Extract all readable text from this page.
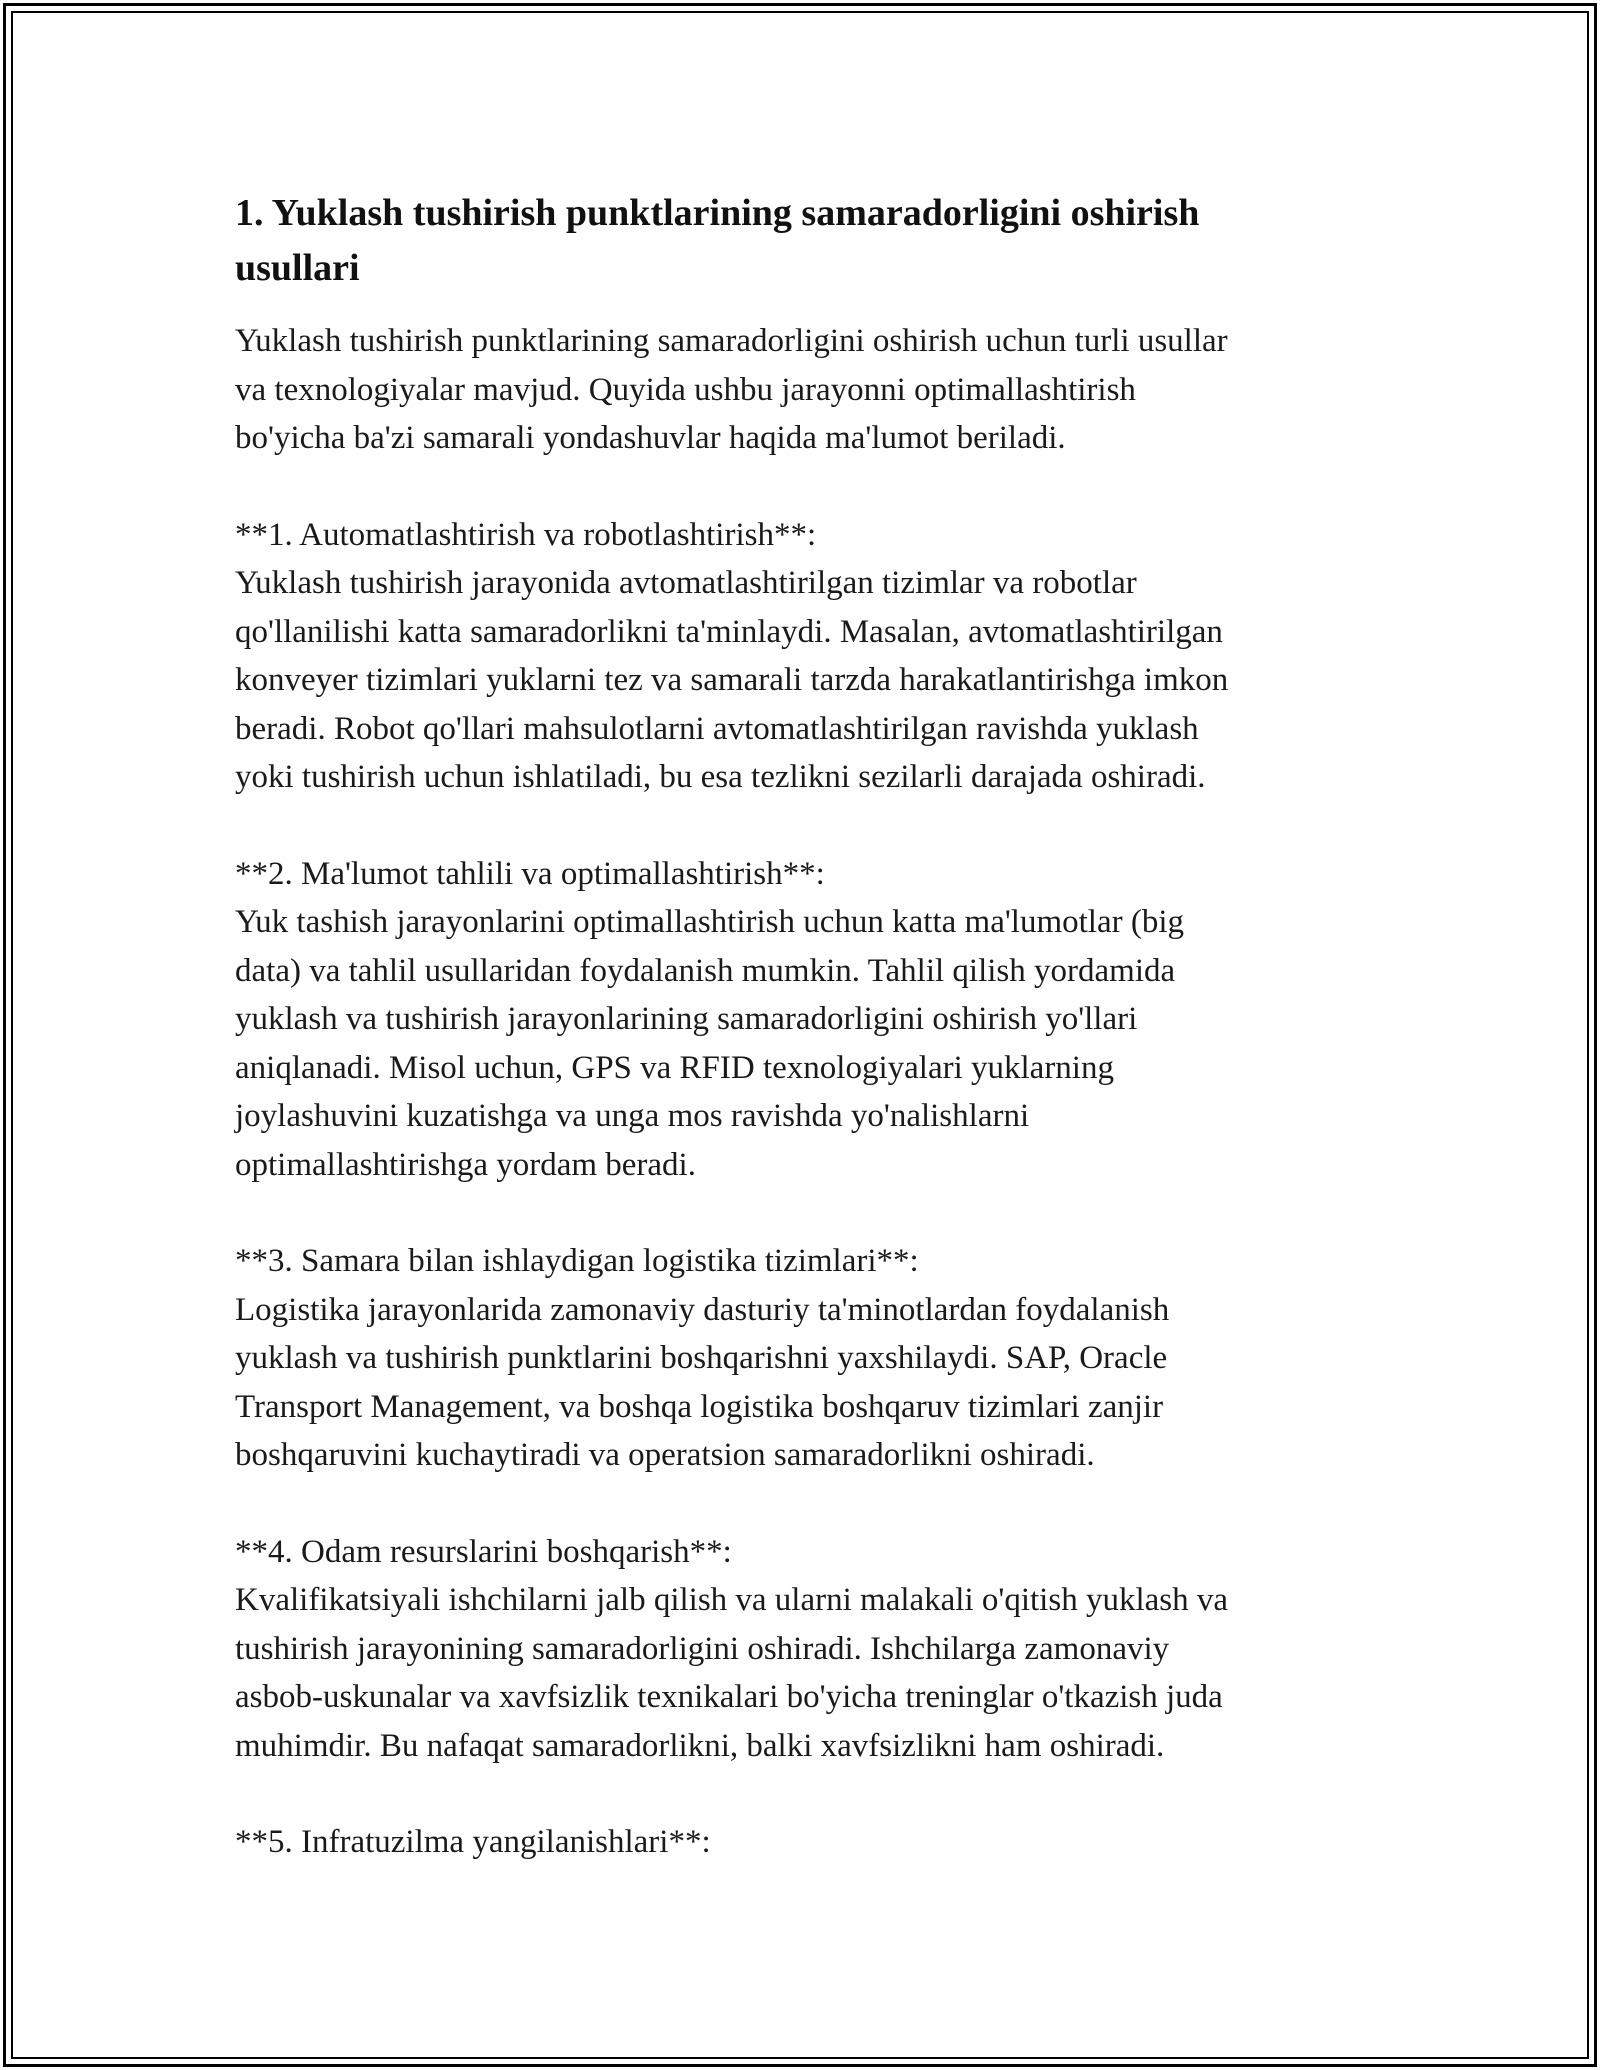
1. Yuklash tushirish punktlarining samaradorligini oshirish
usullari

Yuklash tushirish punktlarining samaradorligini oshirish uchun turli usullar
va texnologiyalar mavjud. Quyida ushbu jarayonni optimallashtirish
bo'yicha ba'zi samarali yondashuvlar haqida ma'lumot beriladi.

**1. Automatlashtirish va robotlashtirish**:

Yuklash tushirish jarayonida avtomatlashtirilgan tizimlar va robotlar
qo'llanilishi katta samaradorlikni ta'minlaydi. Masalan, avtomatlashtirilgan
konveyer tizimlari yuklarni tez va samarali tarzda harakatlantirishga imkon
beradi. Robot qo'llari mahsulotlarni avtomatlashtirilgan ravishda yuklash
yoki tushirish uchun ishlatiladi, bu esa tezlikni sezilarli darajada oshiradi.

**2. Ma'lumot tahlili va optimallashtirish**:

Yuk tashish jarayonlarini optimallashtirish uchun katta ma'lumotlar (big
data) va tahlil usullaridan foydalanish mumkin. Tahlil qilish yordamida
yuklash va tushirish jarayonlarining samaradorligini oshirish yo'llari
aniqlanadi. Misol uchun, GPS va RFID texnologiyalari yuklarning
joylashuvini kuzatishga va unga mos ravishda yo'nalishlarni
optimallashtirishga yordam beradi.

**3. Samara bilan ishlaydigan logistika tizimlari**:

Logistika jarayonlarida zamonaviy dasturiy ta'minotlardan foydalanish
yuklash va tushirish punktlarini boshqarishni yaxshilaydi. SAP, Oracle
Transport Management, va boshqa logistika boshqaruv tizimlari zanjir
boshqaruvini kuchaytiradi va operatsion samaradorlikni oshiradi.

**4. Odam resurslarini boshqarish**:

Kvalifikatsiyali ishchilarni jalb qilish va ularni malakali o'qitish yuklash va
tushirish jarayonining samaradorligini oshiradi. Ishchilarga zamonaviy
asbob-uskunalar va xavfsizlik texnikalari bo'yicha treninglar o'tkazish juda
muhimdir. Bu nafaqat samaradorlikni, balki xavfsizlikni ham oshiradi.

**5. Infratuzilma yangilanishlari**:
